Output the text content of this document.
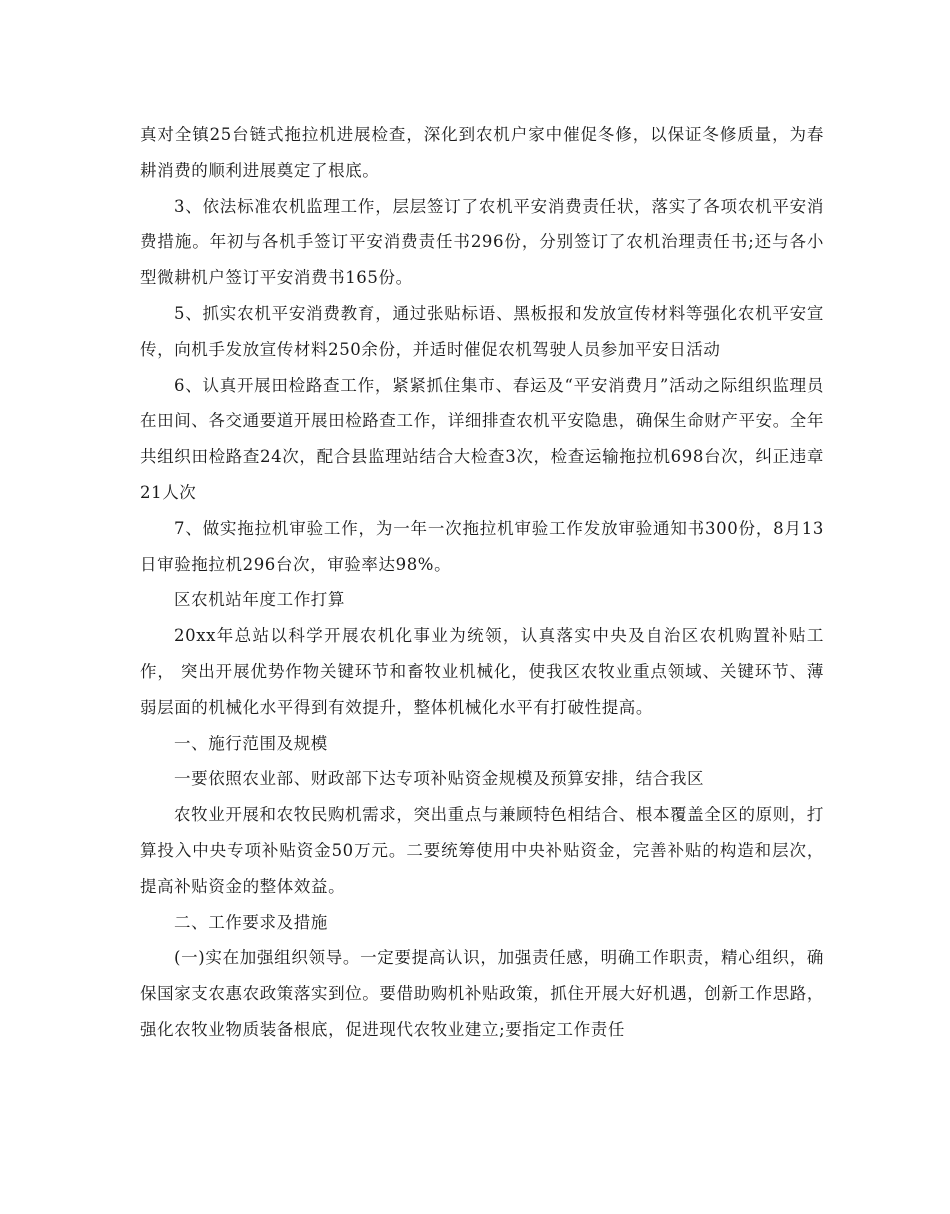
真对全镇25台链式拖拉机进展检查，深化到农机户家中催促冬修，以保证冬修质量，为春耕消费的顺利进展奠定了根底。

3、依法标准农机监理工作，层层签订了农机平安消费责任状，落实了各项农机平安消费措施。年初与各机手签订平安消费责任书296份，分别签订了农机治理责任书;还与各小型微耕机户签订平安消费书165份。

5、抓实农机平安消费教育，通过张贴标语、黑板报和发放宣传材料等强化农机平安宣传，向机手发放宣传材料250余份，并适时催促农机驾驶人员参加平安日活动

6、认真开展田检路查工作，紧紧抓住集市、春运及“平安消费月”活动之际组织监理员在田间、各交通要道开展田检路查工作，详细排查农机平安隐患，确保生命财产平安。全年共组织田检路查24次，配合县监理站结合大检查3次，检查运输拖拉机698台次，纠正违章21人次

7、做实拖拉机审验工作，为一年一次拖拉机审验工作发放审验通知书300份，8月13日审验拖拉机296台次，审验率达98%。

区农机站年度工作打算

20xx年总站以科学开展农机化事业为统领，认真落实中央及自治区农机购置补贴工作， 突出开展优势作物关键环节和畜牧业机械化，使我区农牧业重点领域、关键环节、薄弱层面的机械化水平得到有效提升，整体机械化水平有打破性提高。

一、施行范围及规模

一要依照农业部、财政部下达专项补贴资金规模及预算安排，结合我区

农牧业开展和农牧民购机需求，突出重点与兼顾特色相结合、根本覆盖全区的原则，打算投入中央专项补贴资金50万元。二要统筹使用中央补贴资金，完善补贴的构造和层次，提高补贴资金的整体效益。

二、工作要求及措施

(一)实在加强组织领导。一定要提高认识，加强责任感，明确工作职责，精心组织，确保国家支农惠农政策落实到位。要借助购机补贴政策，抓住开展大好机遇，创新工作思路，强化农牧业物质装备根底，促进现代农牧业建立;要指定工作责任
